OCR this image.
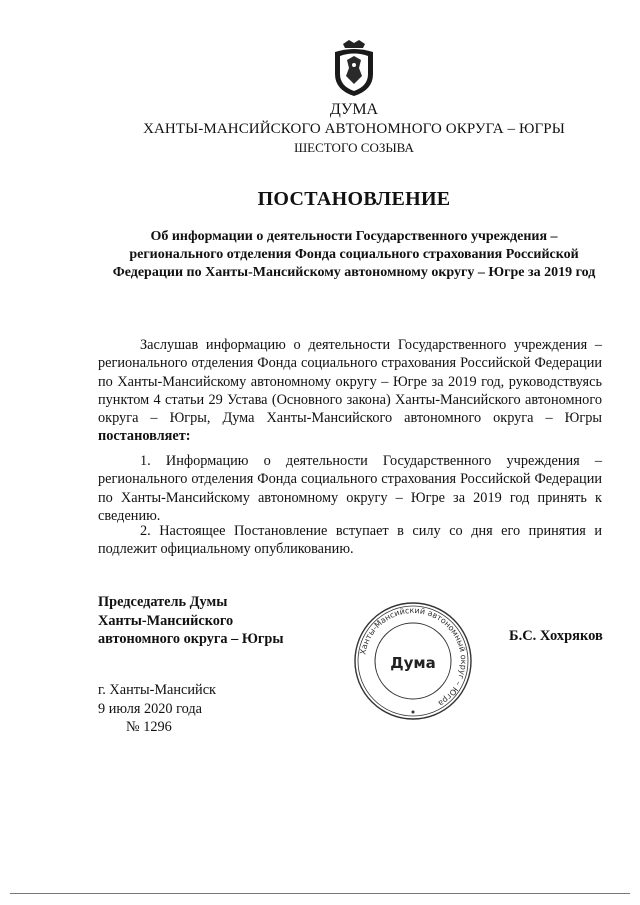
ДУМА
ХАНТЫ-МАНСИЙСКОГО АВТОНОМНОГО ОКРУГА – ЮГРЫ
ШЕСТОГО СОЗЫВА
ПОСТАНОВЛЕНИЕ
Об информации о деятельности Государственного учреждения – регионального отделения Фонда социального страхования Российской Федерации по Ханты-Мансийскому автономному округу – Югре за 2019 год
Заслушав информацию о деятельности Государственного учреждения – регионального отделения Фонда социального страхования Российской Федерации по Ханты-Мансийскому автономному округу – Югре за 2019 год, руководствуясь пунктом 4 статьи 29 Устава (Основного закона) Ханты-Мансийского автономного округа – Югры, Дума Ханты-Мансийского автономного округа – Югры постановляет:
1. Информацию о деятельности Государственного учреждения – регионального отделения Фонда социального страхования Российской Федерации по Ханты-Мансийскому автономному округу – Югре за 2019 год принять к сведению.
2. Настоящее Постановление вступает в силу со дня его принятия и подлежит официальному опубликованию.
Председатель Думы
Ханты-Мансийского
автономного округа – Югры	Б.С. Хохряков
Ханты-Мансийский автономный округ – Югра
Дума
г. Ханты-Мансийск
9 июля 2020 года
№ 1296
